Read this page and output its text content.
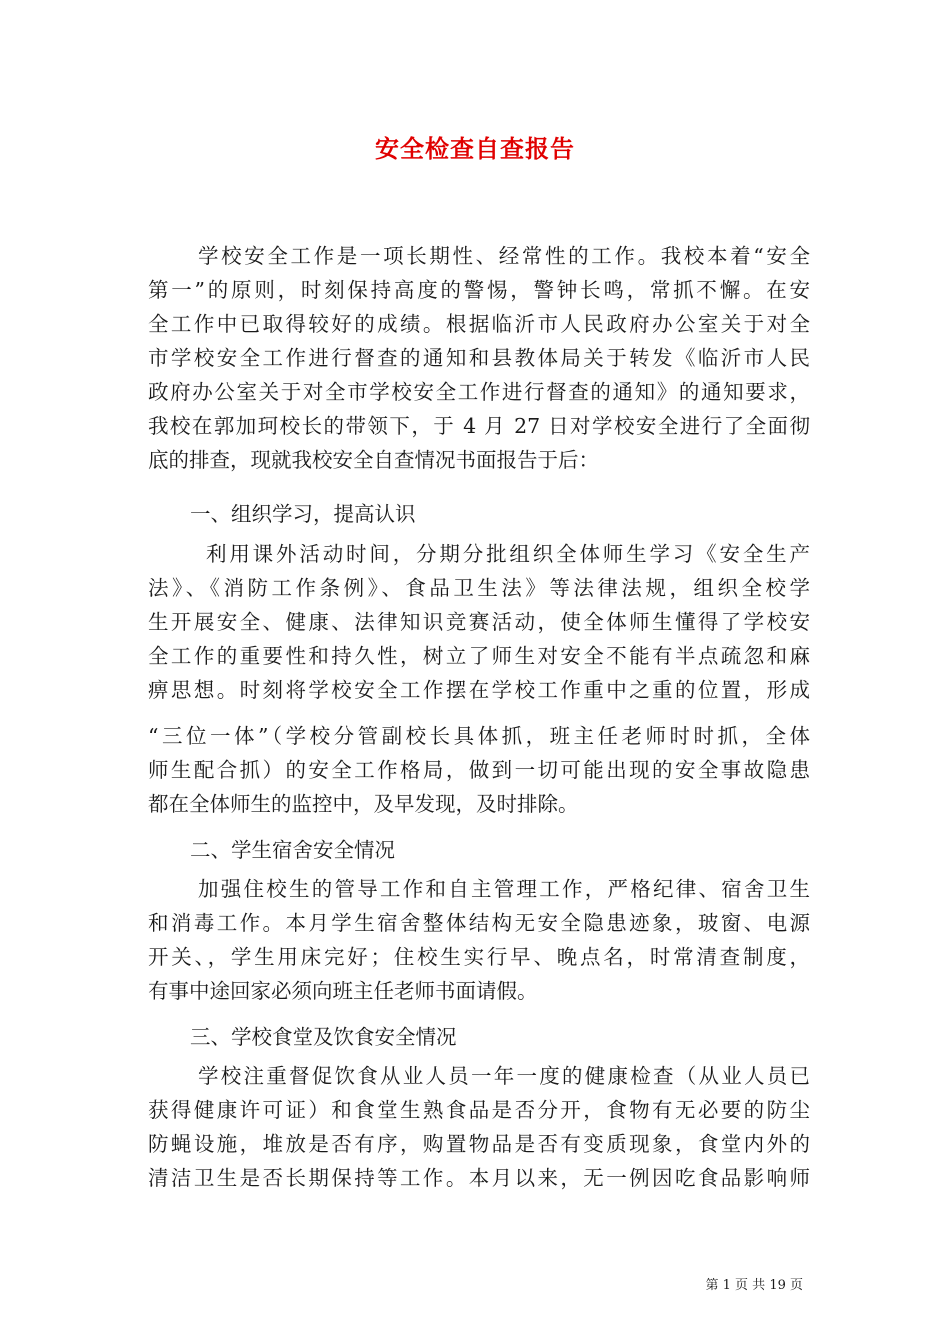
安全检查自查报告
学校安全工作是一项长期性、经常性的工作。我校本着“安全
第一”的原则，时刻保持高度的警惕，警钟长鸣，常抓不懈。在安
全工作中已取得较好的成绩。根据临沂市人民政府办公室关于对全
市学校安全工作进行督查的通知和县教体局关于转发《临沂市人民
政府办公室关于对全市学校安全工作进行督查的通知》的通知要求，
我校在郭加珂校长的带领下，于 4 月 27 日对学校安全进行了全面彻
底的排查，现就我校安全自查情况书面报告于后：
一、组织学习，提高认识
利用课外活动时间，分期分批组织全体师生学习《安全生产
法》、《消防工作条例》、食品卫生法》等法律法规，组织全校学
生开展安全、健康、法律知识竞赛活动，使全体师生懂得了学校安
全工作的重要性和持久性，树立了师生对安全不能有半点疏忽和麻
痹思想。时刻将学校安全工作摆在学校工作重中之重的位置，形成
“三位一体”（学校分管副校长具体抓，班主任老师时时抓，全体
师生配合抓）的安全工作格局，做到一切可能出现的安全事故隐患
都在全体师生的监控中，及早发现，及时排除。
二、学生宿舍安全情况
加强住校生的管导工作和自主管理工作，严格纪律、宿舍卫生
和消毒工作。本月学生宿舍整体结构无安全隐患迹象，玻窗、电源
开关、，学生用床完好；住校生实行早、晚点名，时常清查制度，
有事中途回家必须向班主任老师书面请假。
三、学校食堂及饮食安全情况
学校注重督促饮食从业人员一年一度的健康检查（从业人员已
获得健康许可证）和食堂生熟食品是否分开，食物有无必要的防尘
防蝇设施，堆放是否有序，购置物品是否有变质现象，食堂内外的
清洁卫生是否长期保持等工作。本月以来，无一例因吃食品影响师
第 1 页 共 19 页
